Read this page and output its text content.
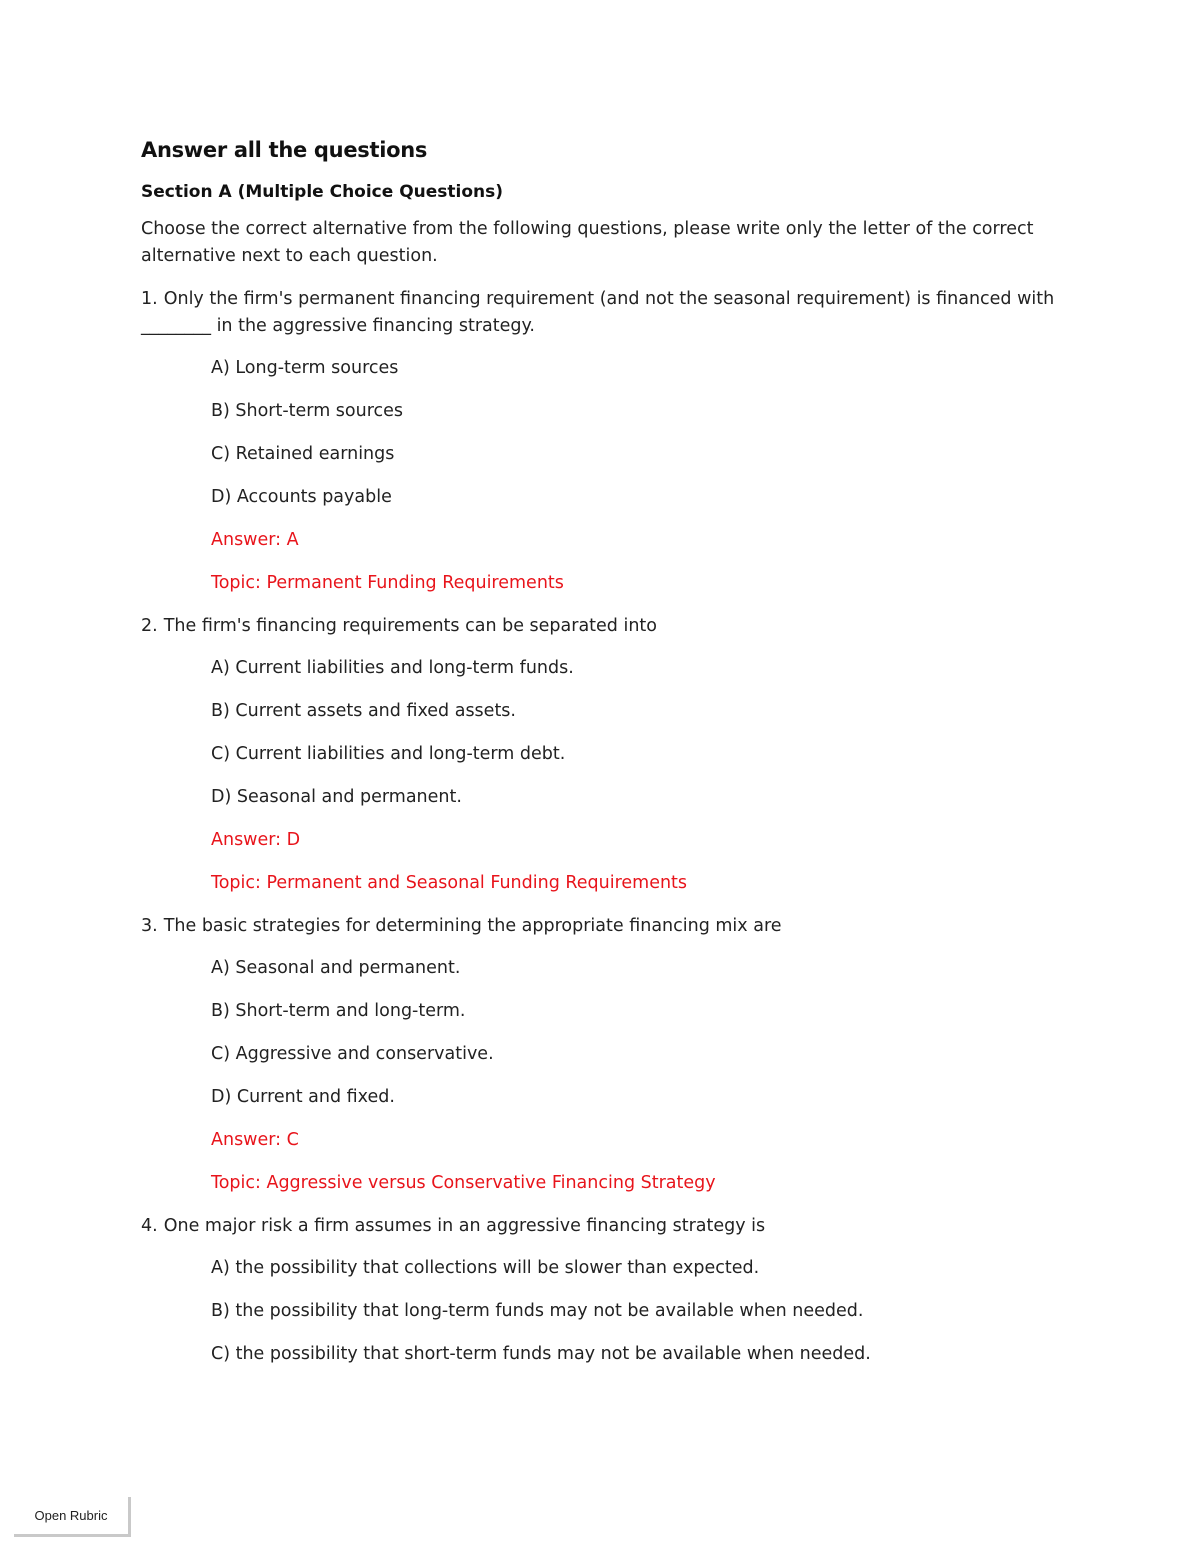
Answer all the questions
Section A (Multiple Choice Questions)
Choose the correct alternative from the following questions, please write only the letter of the correct alternative next to each question.
1. Only the firm's permanent financing requirement (and not the seasonal requirement) is financed with ________ in the aggressive financing strategy.
A) Long-term sources
B) Short-term sources
C) Retained earnings
D) Accounts payable
Answer: A
Topic: Permanent Funding Requirements
2. The firm's financing requirements can be separated into
A) Current liabilities and long-term funds.
B) Current assets and fixed assets.
C) Current liabilities and long-term debt.
D) Seasonal and permanent.
Answer: D
Topic: Permanent and Seasonal Funding Requirements
3. The basic strategies for determining the appropriate financing mix are
A) Seasonal and permanent.
B) Short-term and long-term.
C) Aggressive and conservative.
D) Current and fixed.
Answer: C
Topic: Aggressive versus Conservative Financing Strategy
4. One major risk a firm assumes in an aggressive financing strategy is
A) the possibility that collections will be slower than expected.
B) the possibility that long-term funds may not be available when needed.
C) the possibility that short-term funds may not be available when needed.
Open Rubric
